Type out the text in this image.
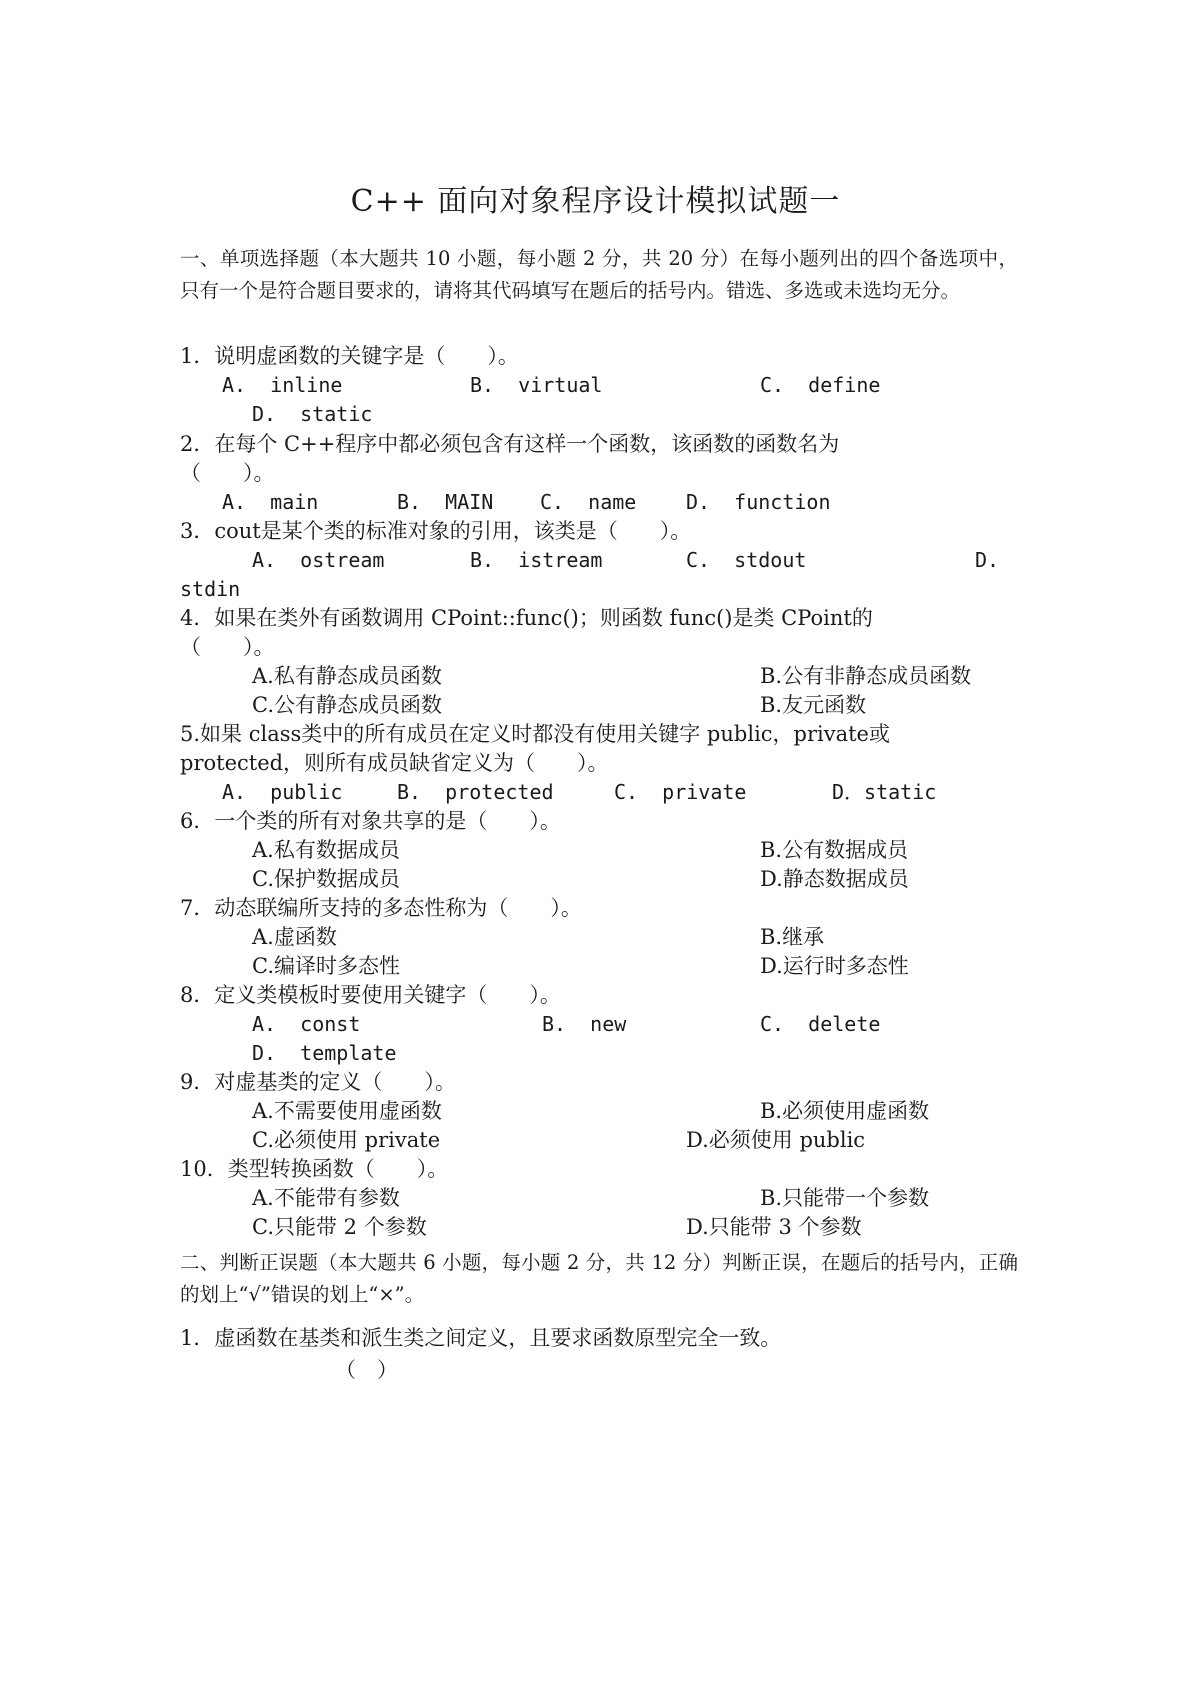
C++ 面向对象程序设计模拟试题一
一、单项选择题（本大题共 10 小题，每小题 2 分，共 20 分）在每小题列出的四个备选项中，只有一个是符合题目要求的，请将其代码填写在题后的括号内。错选、多选或未选均无分。
1．说明虚函数的关键字是（　　）。
A.  inline	B.  virtual	C.  define
D.  static
2．在每个 C++程序中都必须包含有这样一个函数，该函数的函数名为
（　　）。
A.  main	B.  MAIN C.  name D.  function
3．cout是某个类的标准对象的引用，该类是（　　）。
A.  ostream	B.  istream	C.  stdout	D.
stdin
4．如果在类外有函数调用 CPoint::func()；则函数 func()是类 CPoint的
（　　）。
A.私有静态成员函数	B.公有非静态成员函数
C.公有静态成员函数	B.友元函数
5.如果 class类中的所有成员在定义时都没有使用关键字 public，private或
protected，则所有成员缺省定义为（　　）。
A.  public	B.  protected	C.  private	D．static
6．一个类的所有对象共享的是（　　）。
A.私有数据成员	B.公有数据成员
C.保护数据成员	D.静态数据成员
7．动态联编所支持的多态性称为（　　）。
A.虚函数	B.继承
C.编译时多态性	D.运行时多态性
8．定义类模板时要使用关键字（　　）。
A.  const	B.  new	C.  delete
D.  template
9．对虚基类的定义（　　）。
A.不需要使用虚函数	B.必须使用虚函数
C.必须使用 private	D.必须使用 public
10．类型转换函数（　　）。
A.不能带有参数	B.只能带一个参数
C.只能带 2 个参数	D.只能带 3 个参数
二、判断正误题（本大题共 6 小题，每小题 2 分，共 12 分）判断正误，在题后的括号内，正确的划上“√”错误的划上“×”。
1．虚函数在基类和派生类之间定义，且要求函数原型完全一致。
（　）
